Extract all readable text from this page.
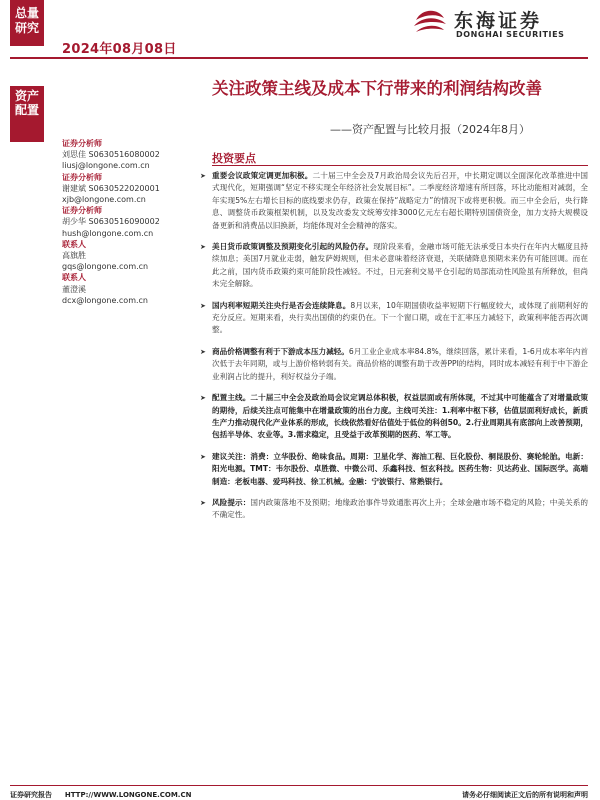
总量研究
2024年08月08日
东海证券
DONGHAI SECURITIES
资产配置
关注政策主线及成本下行带来的利润结构改善
——资产配置与比较月报（2024年8月）
证券分析师
刘思佳 S0630516080002
liusj@longone.com.cn
证券分析师
谢建斌 S0630522020001
xjb@longone.com.cn
证券分析师
胡少华 S0630516090002
hush@longone.com.cn
联系人
高旗胜
gqs@longone.com.cn
联系人
董澄溪
dcx@longone.com.cn
投资要点
➤ 重要会议政策定调更加积极。二十届三中全会及7月政治局会议先后召开，中长期定调以全面深化改革推进中国式现代化，短期强调“坚定不移实现全年经济社会发展目标”。二季度经济增速有所回落，环比动能相对减弱，全年实现5%左右增长目标的底线要求仍存，政策在保持“战略定力”的情况下或将更积极。而三中全会后，央行降息、调整货币政策框架机制，以及发改委发文统筹安排3000亿元左右超长期特别国债资金，加力支持大规模设备更新和消费品以旧换新，均能体现对全会精神的落实。
➤ 美日货币政策调整及预期变化引起的风险仍存。现阶段来看，金融市场可能无法承受日本央行在年内大幅度且持续加息；美国7月就业走弱，触发萨姆规则，但未必意味着经济衰退，关联储降息预期未来仍有可能回调。而在此之前，国内货币政策约束可能阶段性减轻。不过，日元套利交易平仓引起的局部流动性风险虽有所释放，但尚未完全解除。
➤ 国内利率短期关注央行是否会连续降息。8月以来，10年期国债收益率短期下行幅度较大，或体现了前期利好的充分反应。短期来看，央行卖出国债的约束仍在。下一个窗口期，或在于汇率压力减轻下，政策利率能否再次调整。
➤ 商品价格调整有利于下游成本压力减轻。6月工业企业成本率84.8%，继续回落，累计来看，1-6月成本率年内首次低于去年同期，或与上游价格转弱有关。商品价格的调整有助于改善PPI的结构，同时成本减轻有利于中下游企业利润占比的提升，利好权益分子端。
➤ 配置主线。二十届三中全会及政治局会议定调总体积极，权益层面或有所体现，不过其中可能蕴含了对增量政策的期待，后续关注点可能集中在增量政策的出台力度。主线可关注：1.利率中枢下移，估值层面利好成长，新质生产力推动现代化产业体系的形成，长线依然看好估值处于低位的科创50。2.行业周期具有底部向上改善预期，包括半导体、农业等。3.需求稳定，且受益于改革预期的医药、军工等。
➤ 建议关注：消费：立华股份、绝味食品。周期：卫星化学、海油工程、巨化股份、桐昆股份、赛轮轮胎。电新：阳光电源。TMT：韦尔股份、卓胜微、中微公司、乐鑫科技、恒玄科技。医药生物：贝达药业、国际医学。高端制造：老板电器、爱玛科技、徐工机械。金融：宁波银行、常熟银行。
➤ 风险提示：国内政策落地不及预期；地缘政治事件导致通胀再次上升；全球金融市场不稳定的风险；中美关系的不确定性。
证券研究报告 HTTP://WWW.LONGONE.COM.CN	请务必仔细阅读正文后的所有说明和声明
